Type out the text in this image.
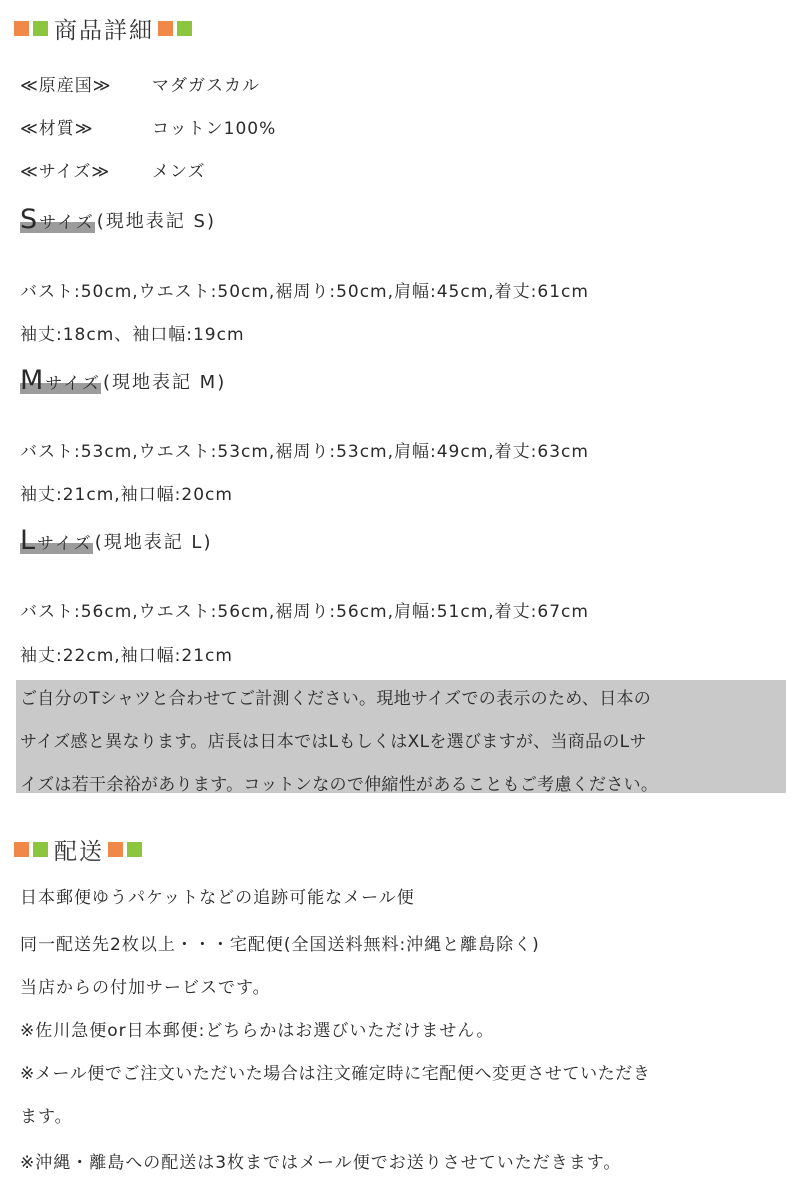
商品詳細
≪原産国≫ マダガスカル
≪材質≫	コットン100%
≪サイズ≫ メンズ
S サイズ (現地表記 S)
バスト:50cm,ウエスト:50cm,裾周り:50cm,肩幅:45cm,着丈:61cm
袖丈:18cm、袖口幅:19cm
M サイズ (現地表記 M)
バスト:53cm,ウエスト:53cm,裾周り:53cm,肩幅:49cm,着丈:63cm
袖丈:21cm,袖口幅:20cm
L サイズ (現地表記 L)
バスト:56cm,ウエスト:56cm,裾周り:56cm,肩幅:51cm,着丈:67cm
袖丈:22cm,袖口幅:21cm
ご自分のTシャツと合わせてご計測ください。現地サイズでの表示のため、日本の
サイズ感と異なります。店長は日本ではLもしくはXLを選びますが、当商品のLサ
イズは若干余裕があります。コットンなので伸縮性があることもご考慮ください。
配送
日本郵便ゆうパケットなどの追跡可能なメール便
同一配送先2枚以上・・・宅配便(全国送料無料:沖縄と離島除く)
当店からの付加サービスです。
※佐川急便or日本郵便:どちらかはお選びいただけません。
※メール便でご注文いただいた場合は注文確定時に宅配便へ変更させていただき
ます。
※沖縄・離島への配送は3枚まではメール便でお送りさせていただきます。
